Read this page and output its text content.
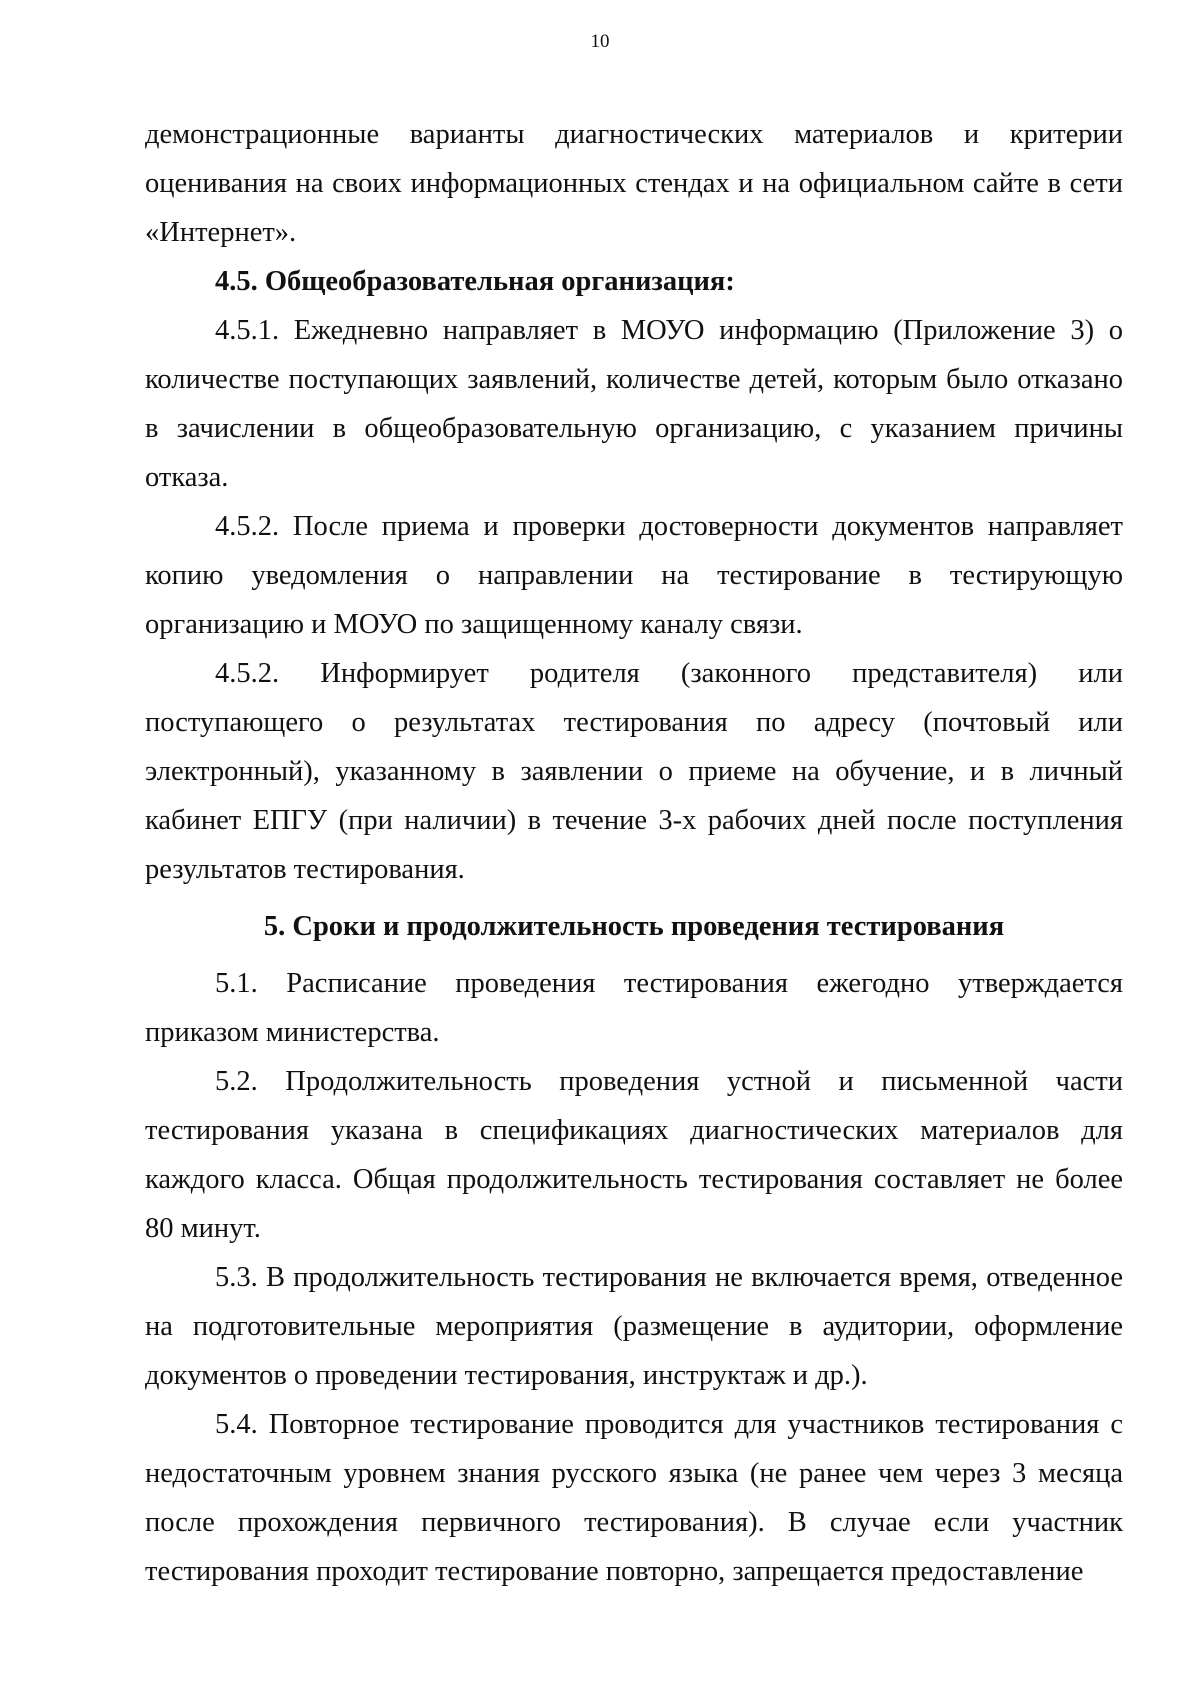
10

демонстрационные варианты диагностических материалов и критерии оценивания на своих информационных стендах и на официальном сайте в сети «Интернет».

4.5. Общеобразовательная организация:

4.5.1. Ежедневно направляет в МОУО информацию (Приложение 3) о количестве поступающих заявлений, количестве детей, которым было отказано в зачислении в общеобразовательную организацию, с указанием причины отказа.

4.5.2. После приема и проверки достоверности документов направляет копию уведомления о направлении на тестирование в тестирующую организацию и МОУО по защищенному каналу связи.

4.5.2. Информирует родителя (законного представителя) или поступающего о результатах тестирования по адресу (почтовый или электронный), указанному в заявлении о приеме на обучение, и в личный кабинет ЕПГУ (при наличии) в течение 3-х рабочих дней после поступления результатов тестирования.

5. Сроки и продолжительность проведения тестирования

5.1. Расписание проведения тестирования ежегодно утверждается приказом министерства.

5.2. Продолжительность проведения устной и письменной части тестирования указана в спецификациях диагностических материалов для каждого класса. Общая продолжительность тестирования составляет не более 80 минут.

5.3. В продолжительность тестирования не включается время, отведенное на подготовительные мероприятия (размещение в аудитории, оформление документов о проведении тестирования, инструктаж и др.).

5.4. Повторное тестирование проводится для участников тестирования с недостаточным уровнем знания русского языка (не ранее чем через 3 месяца после прохождения первичного тестирования). В случае если участник тестирования проходит тестирование повторно, запрещается предоставление
